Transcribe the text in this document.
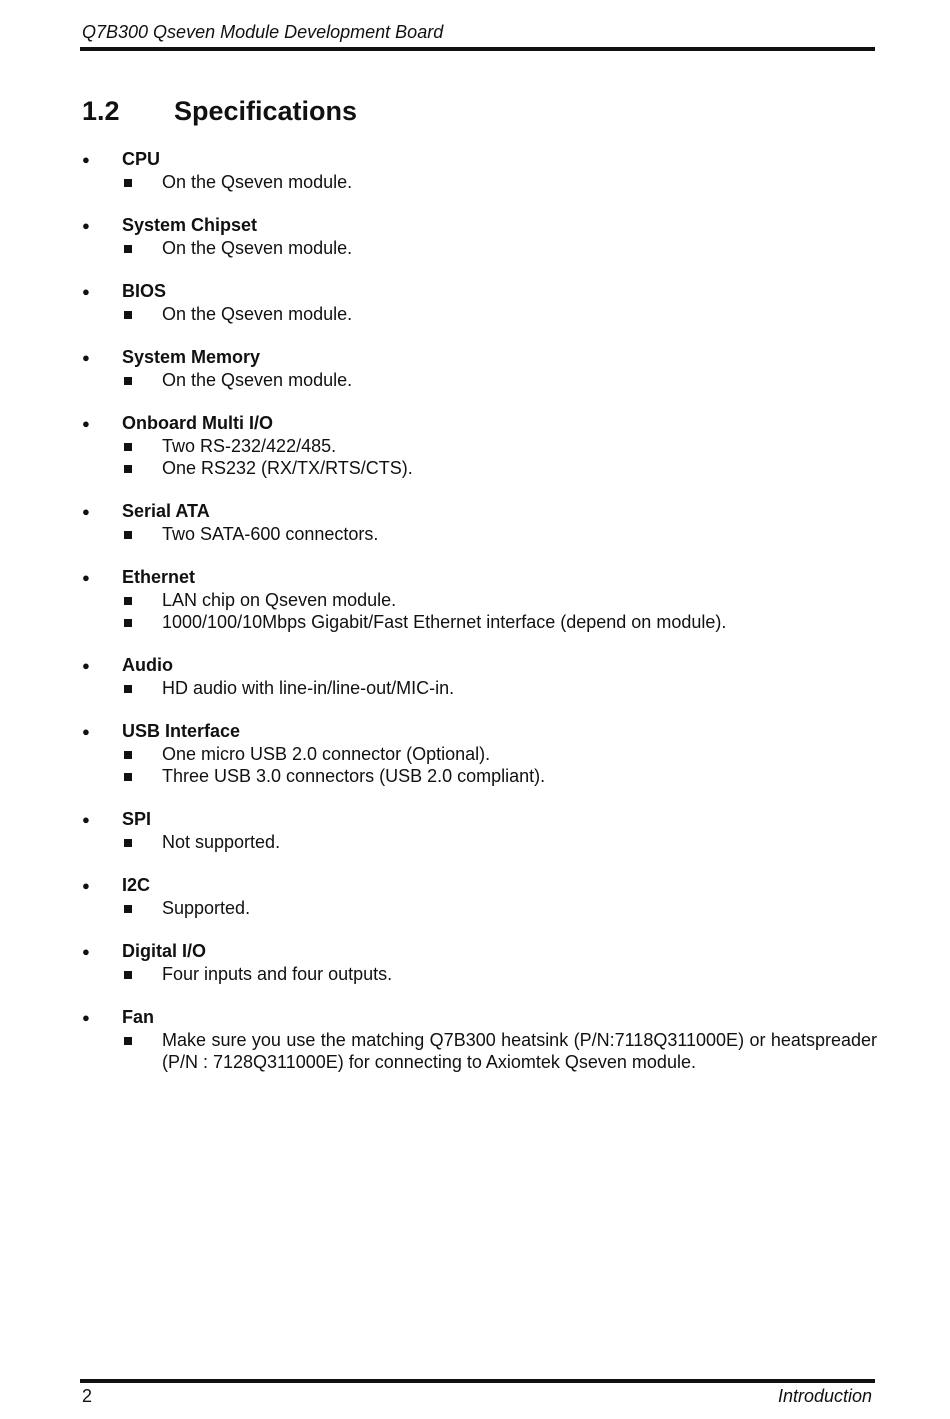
Q7B300 Qseven Module Development Board
1.2	Specifications
●	CPU
On the Qseven module.
●	System Chipset
On the Qseven module.
●	BIOS
On the Qseven module.
●	System Memory
On the Qseven module.
●	Onboard Multi I/O
Two RS-232/422/485.
One RS232 (RX/TX/RTS/CTS).
●	Serial ATA
Two SATA-600 connectors.
●	Ethernet
LAN chip on Qseven module.
1000/100/10Mbps Gigabit/Fast Ethernet interface (depend on module).
●	Audio
HD audio with line-in/line-out/MIC-in.
●	USB Interface
One micro USB 2.0 connector (Optional).
Three USB 3.0 connectors (USB 2.0 compliant).
●	SPI
Not supported.
●	I2C
Supported.
●	Digital I/O
Four inputs and four outputs.
●	Fan
Make sure you use the matching Q7B300 heatsink (P/N:7118Q311000E) or heatspreader (P/N : 7128Q311000E) for connecting to Axiomtek Qseven module.
2	Introduction
